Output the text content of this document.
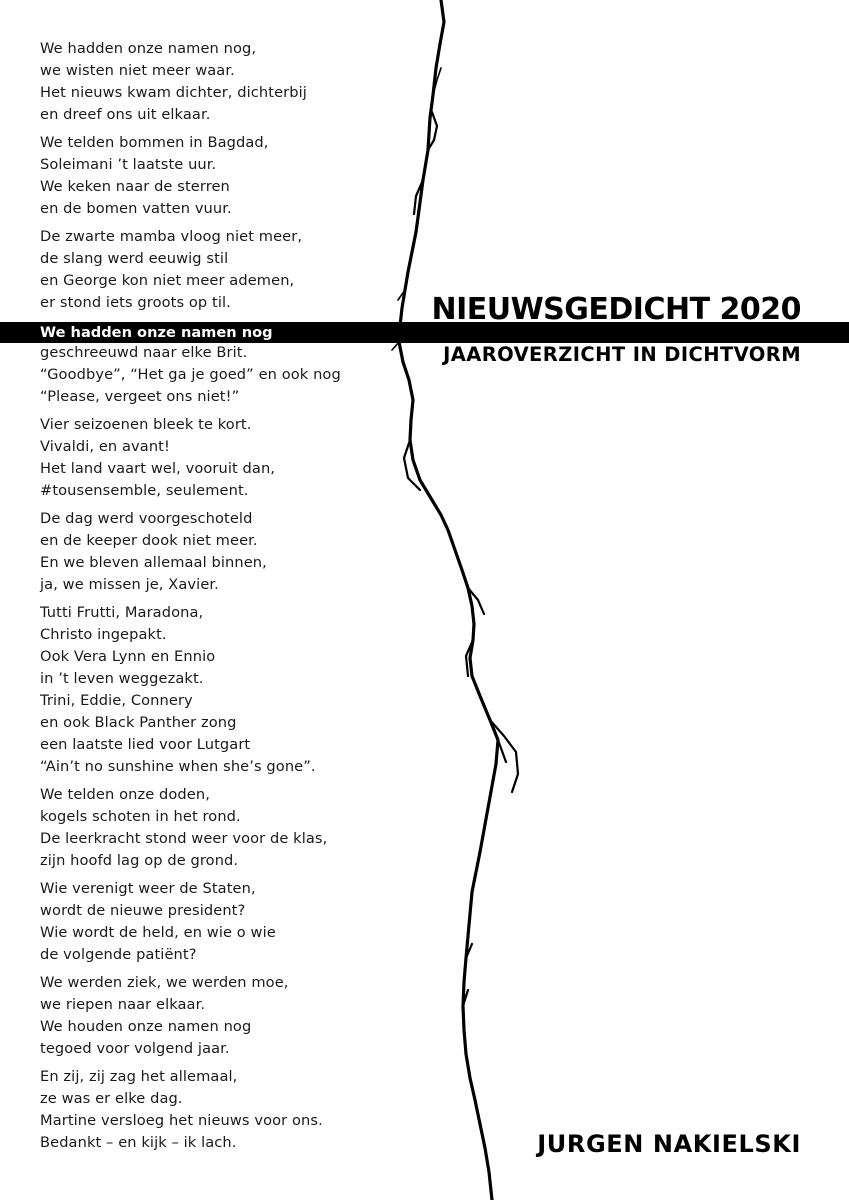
We hadden onze namen nog
We hadden onze namen nog,
we wisten niet meer waar.
Het nieuws kwam dichter, dichterbij
en dreef ons uit elkaar.
We telden bommen in Bagdad,
Soleimani ’t laatste uur.
We keken naar de sterren
en de bomen vatten vuur.
De zwarte mamba vloog niet meer,
de slang werd eeuwig stil
en George kon niet meer ademen,
er stond iets groots op til.
geschreeuwd naar elke Brit.
“Goodbye”, “Het ga je goed” en ook nog
“Please, vergeet ons niet!”
Vier seizoenen bleek te kort.
Vivaldi, en avant!
Het land vaart wel, vooruit dan,
#tousensemble, seulement.
De dag werd voorgeschoteld
en de keeper dook niet meer.
En we bleven allemaal binnen,
ja, we missen je, Xavier.
Tutti Frutti, Maradona,
Christo ingepakt.
Ook Vera Lynn en Ennio
in ’t leven weggezakt.
Trini, Eddie, Connery
en ook Black Panther zong
een laatste lied voor Lutgart
“Ain’t no sunshine when she’s gone”.
We telden onze doden,
kogels schoten in het rond.
De leerkracht stond weer voor de klas,
zijn hoofd lag op de grond.
Wie verenigt weer de Staten,
wordt de nieuwe president?
Wie wordt de held, en wie o wie
de volgende patiënt?
We werden ziek, we werden moe,
we riepen naar elkaar.
We houden onze namen nog
tegoed voor volgend jaar.
En zij, zij zag het allemaal,
ze was er elke dag.
Martine versloeg het nieuws voor ons.
Bedankt – en kijk – ik lach.
NIEUWSGEDICHT 2020
JAAROVERZICHT IN DICHTVORM
JURGEN NAKIELSKI
